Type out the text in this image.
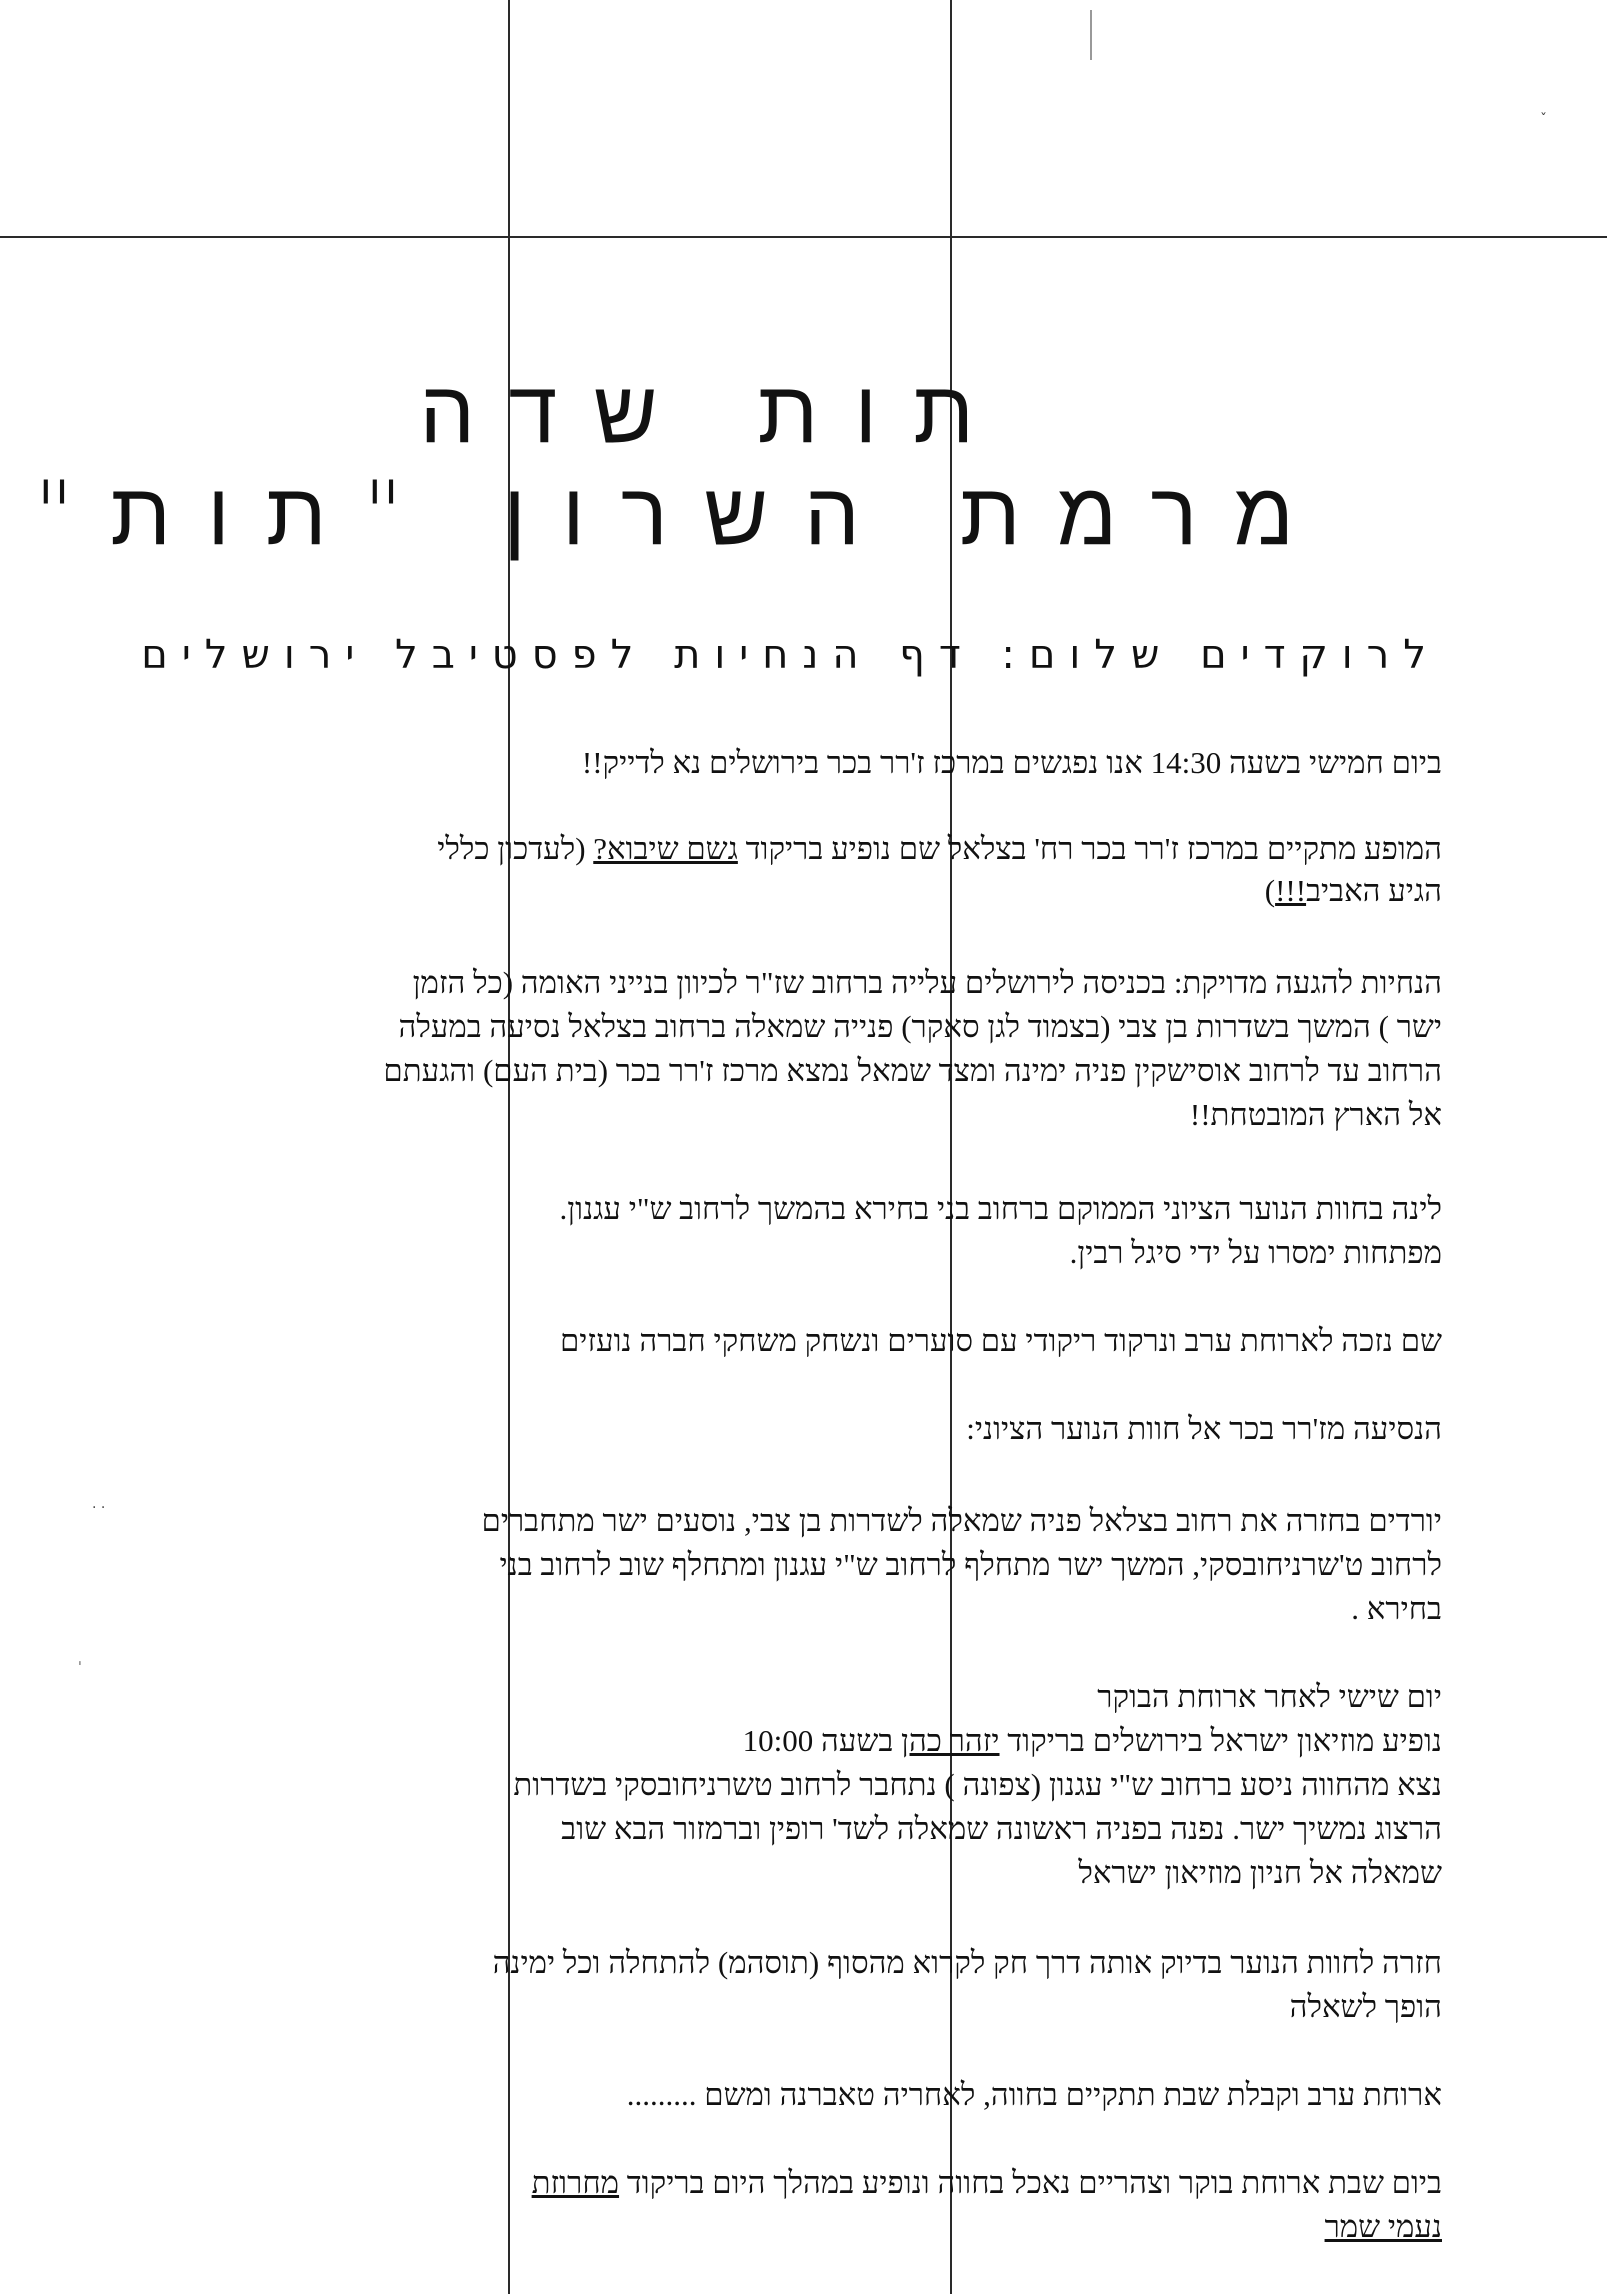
ˇ
· ·
ˈ
תות שדה
מרמת השרון "תות"
לרוקדים שלום: דף הנחיות לפסטיבל ירושלים
ביום חמישי בשעה 14:30 אנו נפגשים במרכז ז'רר בכר בירושלים נא לדייק!!
המופע מתקיים במרכז ז'רר בכר רח' בצלאל שם נופיע בריקוד גשם שיבוא? (לעדכון כללי
הגיע האביב!!!)
הנחיות להגעה מדויקת: בכניסה לירושלים עלייה ברחוב שז"ר לכיוון בנייני האומה (כל הזמן
ישר ) המשך בשדרות בן צבי (בצמוד לגן סאקר) פנייה שמאלה ברחוב בצלאל נסיעה במעלה
הרחוב עד לרחוב אוסישקין פניה ימינה ומצד שמאל נמצא מרכז ז'רר בכר (בית העם) והגעתם
אל הארץ המובטחת!!
לינה בחוות הנוער הציוני הממוקם ברחוב בני בחירא בהמשך לרחוב ש"י עגנון.
מפתחות ימסרו על ידי סיגל רבין.
שם נזכה לארוחת ערב ונרקוד ריקודי עם סוערים ונשחק משחקי חברה נועזים
הנסיעה מז'רר בכר אל חוות הנוער הציוני:
יורדים בחזרה את רחוב בצלאל פניה שמאלה לשדרות בן צבי, נוסעים ישר מתחברים
לרחוב ט'שרניחובסקי, המשך ישר מתחלף לרחוב ש"י עגנון ומתחלף שוב לרחוב בני
בחירא .
יום שישי לאחר ארוחת הבוקר
נופיע מוזיאון ישראל בירושלים בריקוד יזהר כהן בשעה 10:00
נצא מהחווה ניסע ברחוב ש"י עגנון (צפונה ) נתחבר לרחוב טשרניחובסקי בשדרות
הרצוג נמשיך ישר. נפנה בפניה ראשונה שמאלה לשד' רופין וברמזור הבא שוב
שמאלה אל חניון מוזיאון ישראל
חזרה לחוות הנוער בדיוק אותה דרך חק לקרוא מהסוף (תוסהמ) להתחלה וכל ימינה
הופך לשאלה
ארוחת ערב וקבלת שבת תתקיים בחווה, לאחריה טאברנה ומשם .........
ביום שבת ארוחת בוקר וצהריים נאכל בחווה ונופיע במהלך היום בריקוד מחרוזת
נעמי שמר
